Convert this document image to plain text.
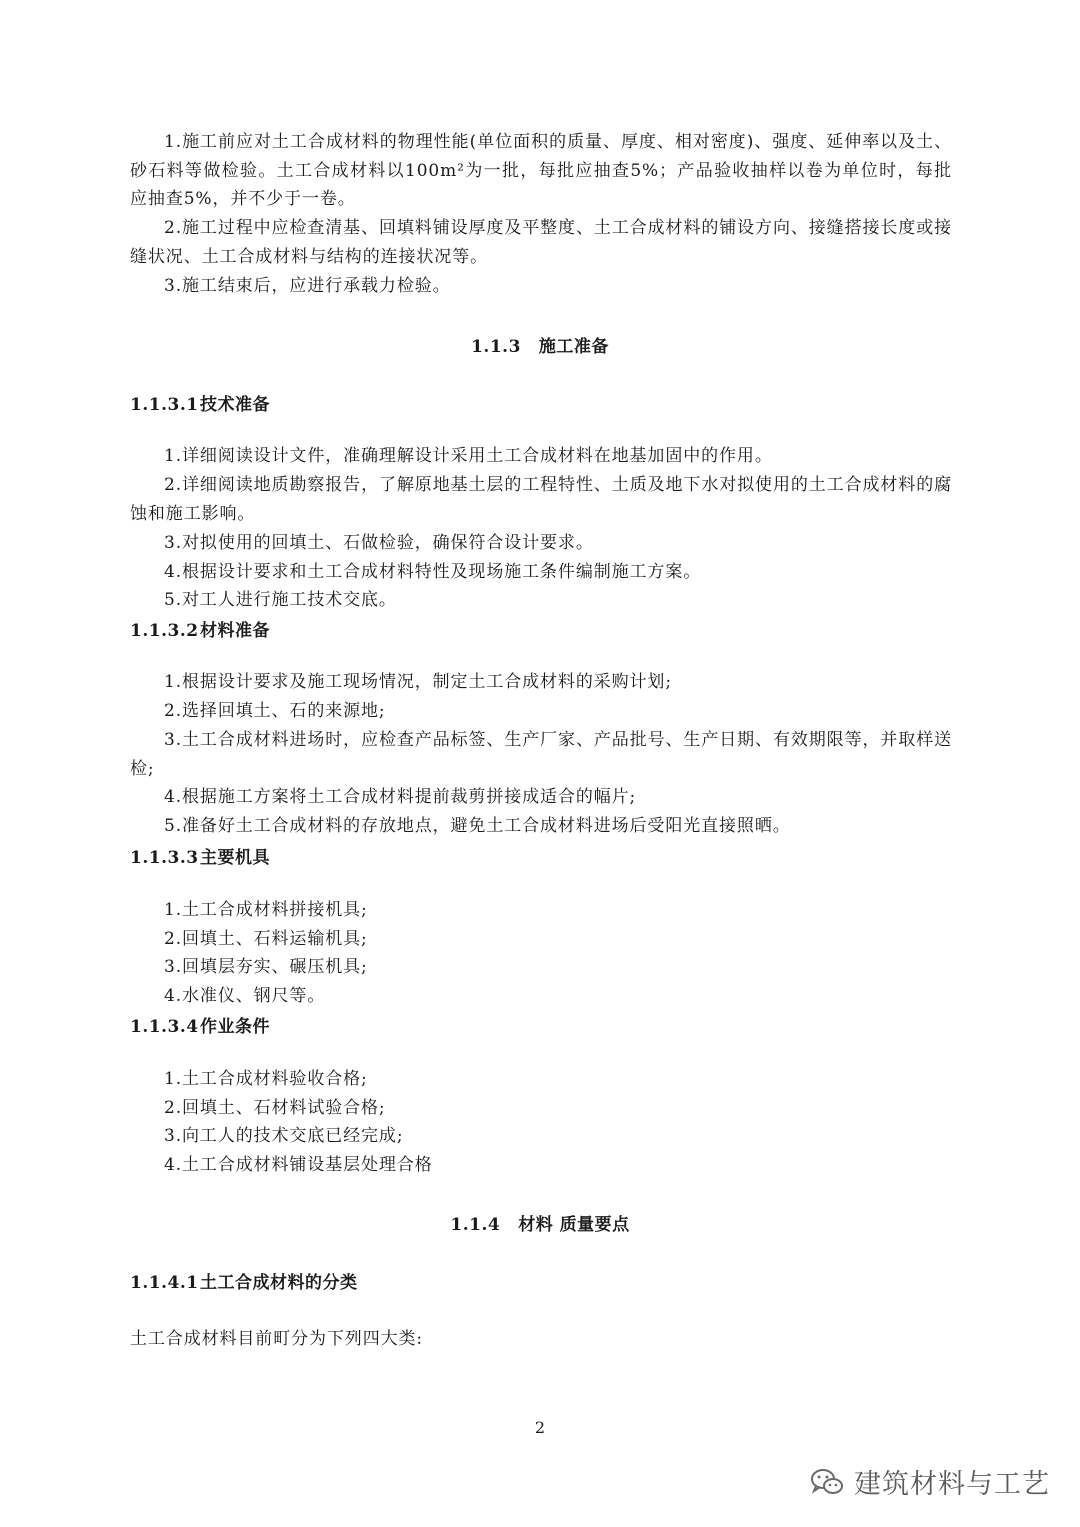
1.施工前应对土工合成材料的物理性能(单位面积的质量、厚度、相对密度)、强度、延伸率以及土、砂石料等做检验。土工合成材料以100m²为一批，每批应抽查5%；产品验收抽样以卷为单位时，每批应抽查5%，并不少于一卷。

2.施工过程中应检查清基、回填料铺设厚度及平整度、土工合成材料的铺设方向、接缝搭接长度或接缝状况、土工合成材料与结构的连接状况等。

3.施工结束后，应进行承载力检验。

1.1.3 施工准备
1.1.3.1技术准备

1.详细阅读设计文件，准确理解设计采用土工合成材料在地基加固中的作用。

2.详细阅读地质勘察报告，了解原地基土层的工程特性、土质及地下水对拟使用的土工合成材料的腐蚀和施工影响。

3.对拟使用的回填土、石做检验，确保符合设计要求。

4.根据设计要求和土工合成材料特性及现场施工条件编制施工方案。

5.对工人进行施工技术交底。

1.1.3.2材料准备

1.根据设计要求及施工现场情况，制定土工合成材料的采购计划;

2.选择回填土、石的来源地;

3.土工合成材料进场时，应检查产品标签、生产厂家、产品批号、生产日期、有效期限等，并取样送检;

4.根据施工方案将土工合成材料提前裁剪拼接成适合的幅片;

5.准备好土工合成材料的存放地点，避免土工合成材料进场后受阳光直接照晒。

1.1.3.3主要机具

1.土工合成材料拼接机具;

2.回填土、石料运输机具;

3.回填层夯实、碾压机具;

4.水准仪、钢尺等。

1.1.3.4作业条件

1.土工合成材料验收合格;

2.回填土、石材料试验合格;

3.向工人的技术交底已经完成;

4.土工合成材料铺设基层处理合格

1.1.4 材料 质量要点
1.1.4.1土工合成材料的分类
土工合成材料目前町分为下列四大类:
2
建筑材料与工艺
